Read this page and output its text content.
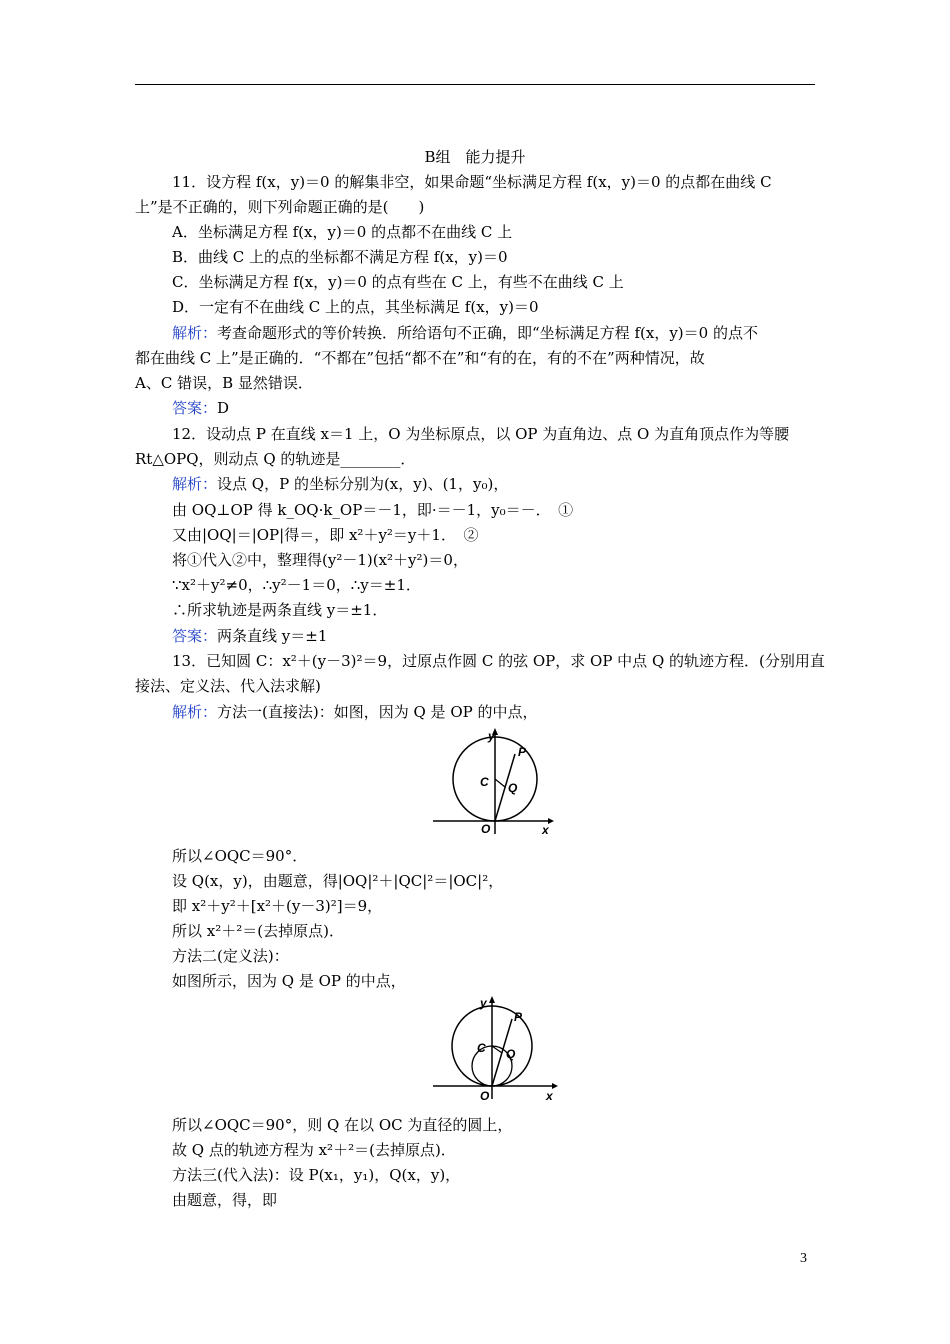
B组　能力提升
11．设方程 f(x，y)＝0 的解集非空，如果命题“坐标满足方程 f(x，y)＝0 的点都在曲线 C
上”是不正确的，则下列命题正确的是(　　)
A．坐标满足方程 f(x，y)＝0 的点都不在曲线 C 上
B．曲线 C 上的点的坐标都不满足方程 f(x，y)＝0
C．坐标满足方程 f(x，y)＝0 的点有些在 C 上，有些不在曲线 C 上
D．一定有不在曲线 C 上的点，其坐标满足 f(x，y)＝0
解析：考查命题形式的等价转换．所给语句不正确，即“坐标满足方程 f(x，y)＝0 的点不
都在曲线 C 上”是正确的．“不都在”包括“都不在”和“有的在，有的不在”两种情况，故
A、C 错误，B 显然错误．
答案：D
12．设动点 P 在直线 x＝1 上，O 为坐标原点，以 OP 为直角边、点 O 为直角顶点作为等腰
Rt△OPQ，则动点 Q 的轨迹是________．
解析：设点 Q，P 的坐标分别为(x，y)、(1，y₀)，
由 OQ⊥OP 得 k_OQ·k_OP＝－1，即·＝－1，y₀＝－．　①
又由|OQ|＝|OP|得＝，即 x²＋y²＝y＋1．　②
将①代入②中，整理得(y²－1)(x²＋y²)＝0，
∵x²＋y²≠0，∴y²－1＝0，∴y＝±1．
∴所求轨迹是两条直线 y＝±1．
答案：两条直线 y＝±1
13．已知圆 C：x²＋(y－3)²＝9，过原点作圆 C 的弦 OP，求 OP 中点 Q 的轨迹方程．(分别用直
接法、定义法、代入法求解)
解析：方法一(直接法)：如图，因为 Q 是 OP 的中点，
y
P
C Q
O	x
所以∠OQC＝90°．
设 Q(x，y)，由题意，得|OQ|²＋|QC|²＝|OC|²，
即 x²＋y²＋[x²＋(y－3)²]＝9，
所以 x²＋²＝(去掉原点)．
方法二(定义法)：
如图所示，因为 Q 是 OP 的中点，
y
P
C Q
O	x
所以∠OQC＝90°，则 Q 在以 OC 为直径的圆上，
故 Q 点的轨迹方程为 x²＋²＝(去掉原点)．
方法三(代入法)：设 P(x₁，y₁)，Q(x，y)，
由题意，得，即
3
